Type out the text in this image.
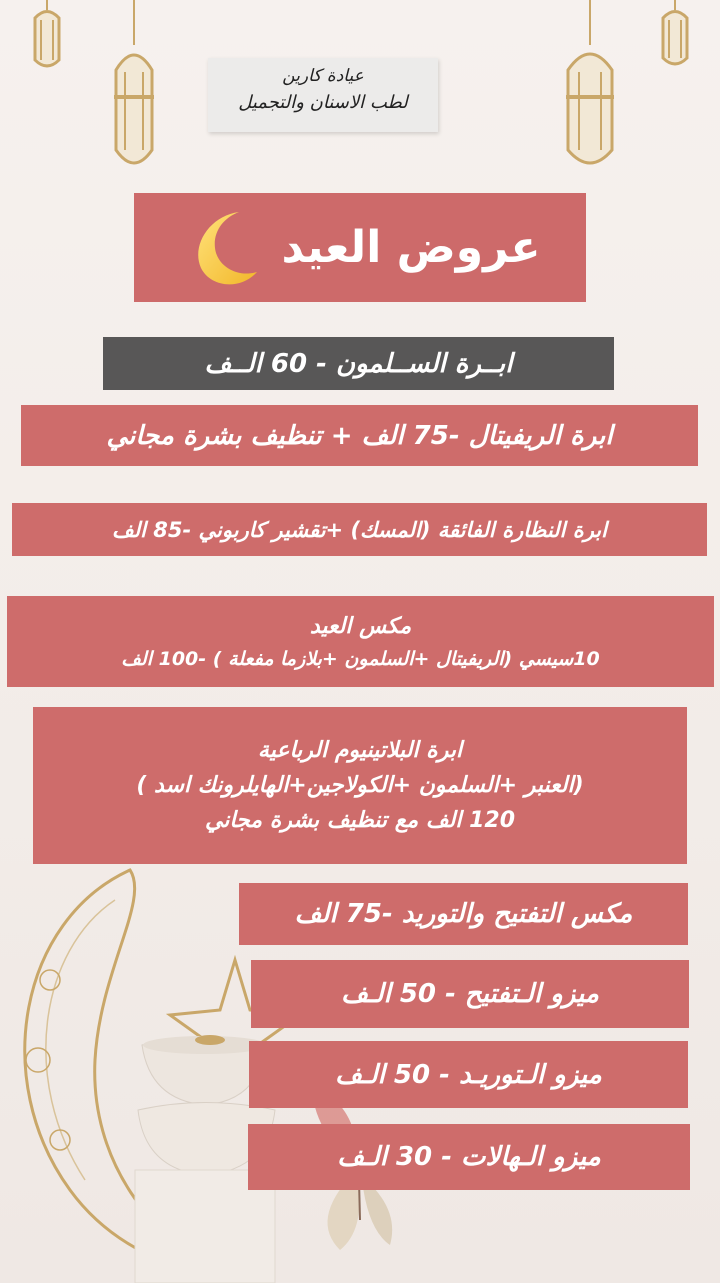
عيادة كارين
لطب الاسنان والتجميل
عروض العيد
ابــرة الســلمون - 60 الــف
ابرة الريفيتال -75 الف + تنظيف بشرة مجاني
ابرة النظارة الفائقة (المسك) +تقشير كاربوني -85 الف
مكس العيد
10سيسي (الريفيتال +السلمون +بلازما مفعلة ) -100 الف
ابرة البلاتينيوم الرباعية
(العنبر +السلمون +الكولاجين+الهايلرونك اسد )
120 الف مع تنظيف بشرة مجاني
مكس التفتيح والتوريد -75 الف
ميزو الـتفتيح - 50 الـف
ميزو الـتوريـد - 50 الـف
ميزو الـهالات - 30 الـف
